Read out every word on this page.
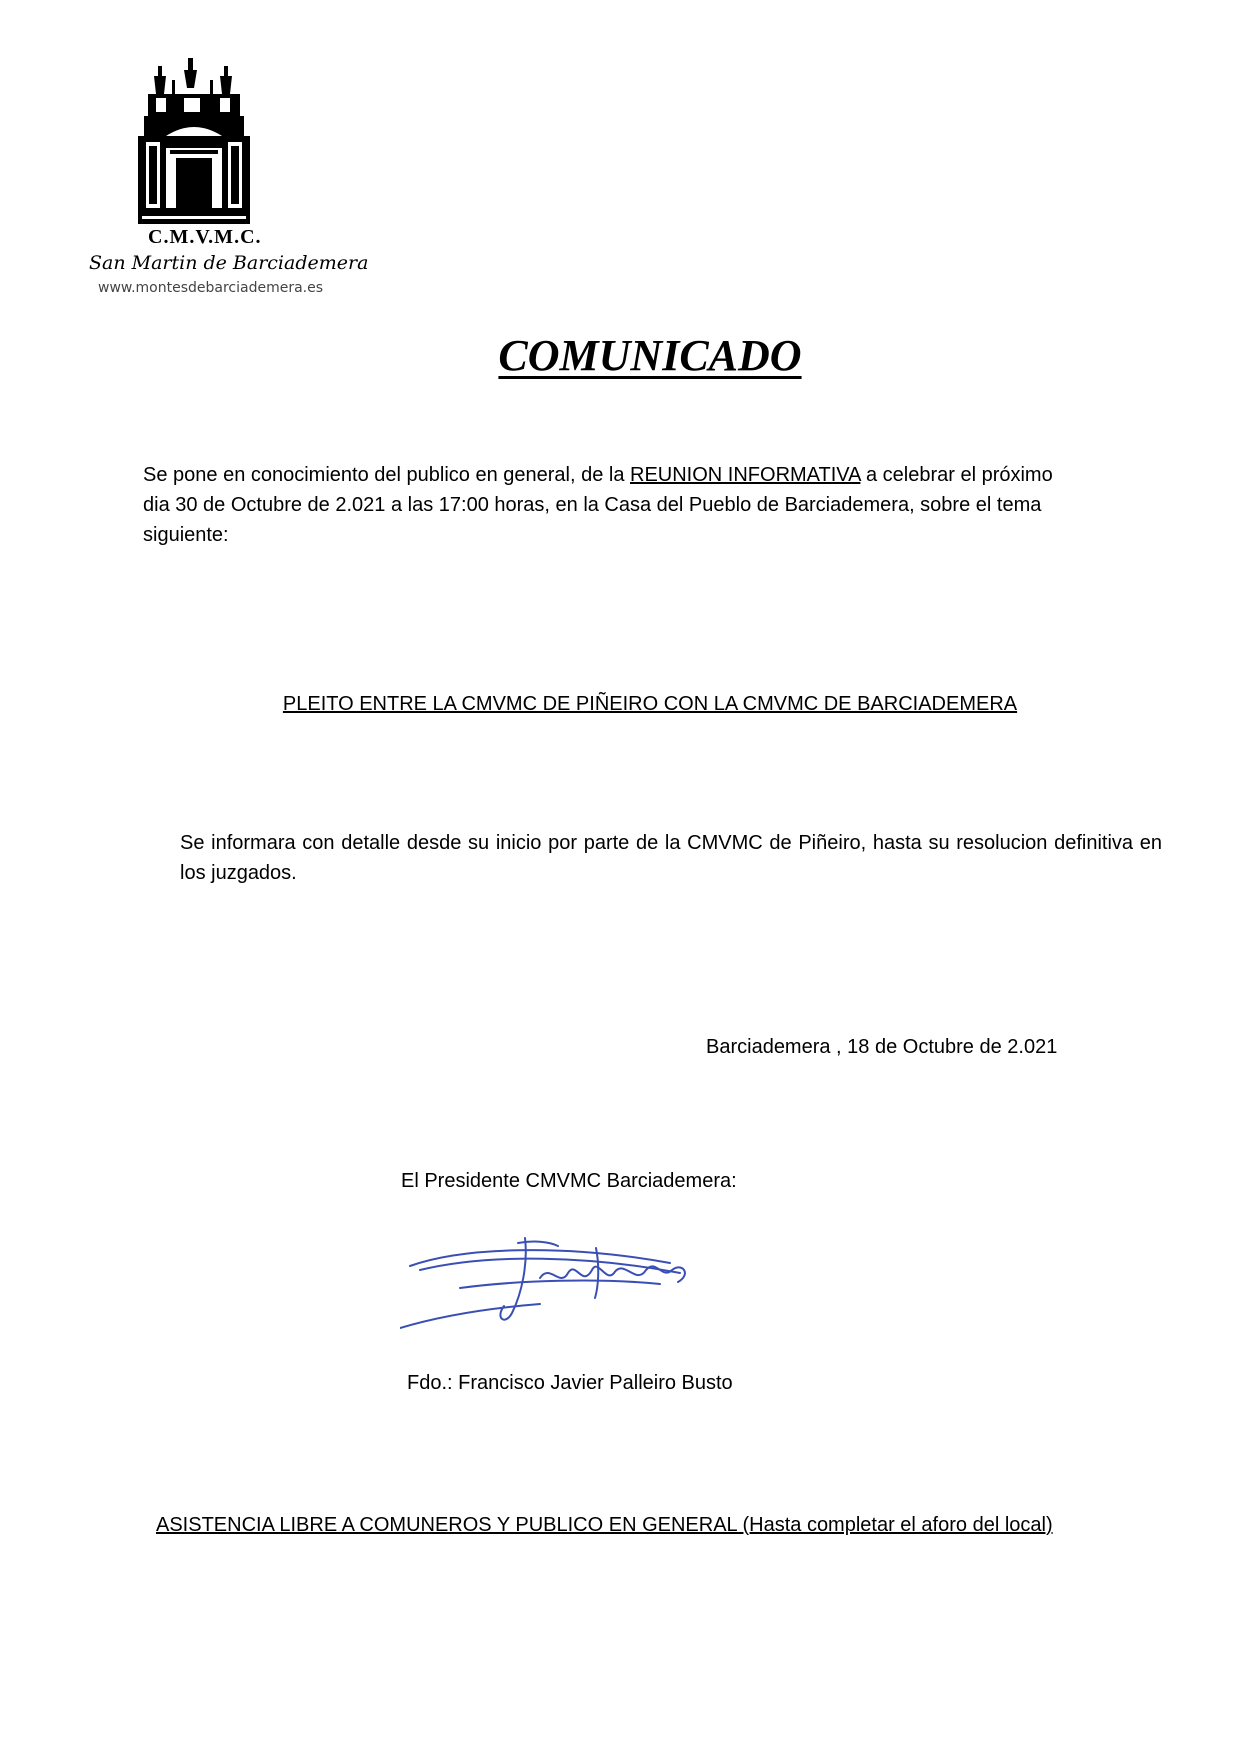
C.M.V.M.C.
San Martin de Barciademera
www.montesdebarciademera.es
COMUNICADO
Se pone en conocimiento del publico en general, de la REUNION INFORMATIVA a celebrar el próximo
dia 30 de Octubre de 2.021 a las 17:00 horas, en la Casa del Pueblo de Barciademera, sobre el tema
siguiente:
PLEITO ENTRE LA CMVMC DE PIÑEIRO CON LA CMVMC DE BARCIADEMERA
Se informara con detalle desde su inicio por parte de la CMVMC de Piñeiro, hasta su resolucion definitiva en los juzgados.
Barciademera , 18 de Octubre de 2.021
El Presidente CMVMC Barciademera:
Fdo.: Francisco Javier Palleiro Busto
ASISTENCIA LIBRE A COMUNEROS Y PUBLICO EN GENERAL (Hasta completar el aforo del local)
